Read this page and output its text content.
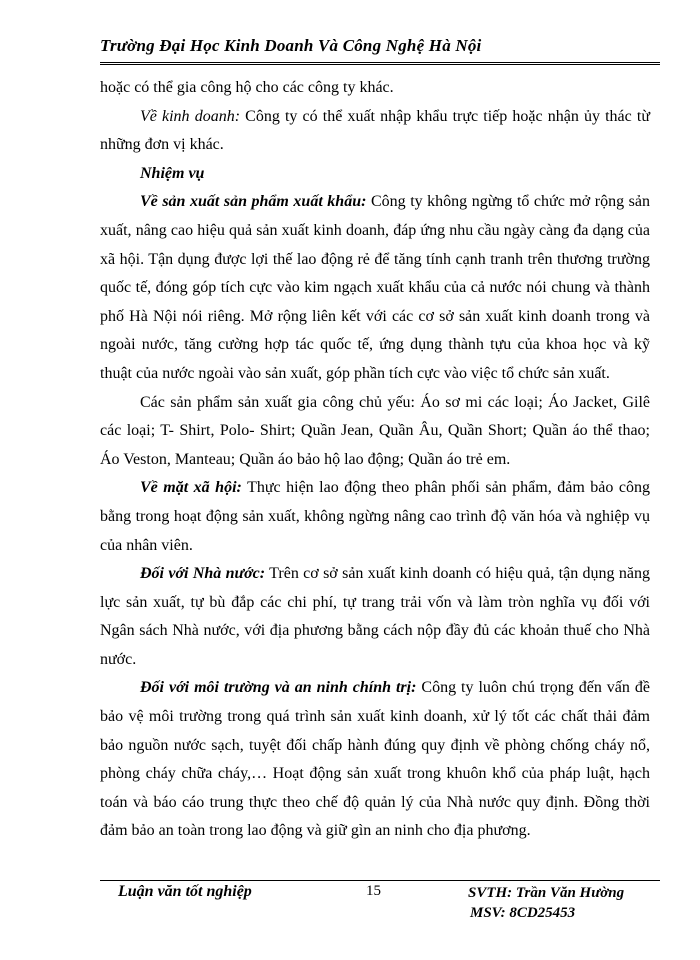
Trường Đại Học Kinh Doanh Và Công Nghệ Hà Nội

hoặc có thể gia công hộ cho các công ty khác.

Về kinh doanh: Công ty có thể xuất nhập khẩu trực tiếp hoặc nhận ủy thác từ những đơn vị khác.

Nhiệm vụ

Về sản xuất sản phẩm xuất khẩu: Công ty không ngừng tổ chức mở rộng sản xuất, nâng cao hiệu quả sản xuất kinh doanh, đáp ứng nhu cầu ngày càng đa dạng của xã hội. Tận dụng được lợi thế lao động rẻ để tăng tính cạnh tranh trên thương trường quốc tế, đóng góp tích cực vào kim ngạch xuất khẩu của cả nước nói chung và thành phố Hà Nội nói riêng. Mở rộng liên kết với các cơ sở sản xuất kinh doanh trong và ngoài nước, tăng cường hợp tác quốc tế, ứng dụng thành tựu của khoa học và kỹ thuật của nước ngoài vào sản xuất, góp phần tích cực vào việc tổ chức sản xuất.

Các sản phẩm sản xuất gia công chủ yếu: Áo sơ mi các loại; Áo Jacket, Gilê các loại; T- Shirt, Polo- Shirt; Quần Jean, Quần Âu, Quần Short; Quần áo thể thao; Áo Veston, Manteau; Quần áo bảo hộ lao động; Quần áo trẻ em.

Về mặt xã hội: Thực hiện lao động theo phân phối sản phẩm, đảm bảo công bằng trong hoạt động sản xuất, không ngừng nâng cao trình độ văn hóa và nghiệp vụ của nhân viên.

Đối với Nhà nước: Trên cơ sở sản xuất kinh doanh có hiệu quả, tận dụng năng lực sản xuất, tự bù đắp các chi phí, tự trang trải vốn và làm tròn nghĩa vụ đối với Ngân sách Nhà nước, với địa phương bằng cách nộp đầy đủ các khoản thuế cho Nhà nước.

Đối với môi trường và an ninh chính trị: Công ty luôn chú trọng đến vấn đề bảo vệ môi trường trong quá trình sản xuất kinh doanh, xử lý tốt các chất thải đảm bảo nguồn nước sạch, tuyệt đối chấp hành đúng quy định về phòng chống cháy nổ, phòng cháy chữa cháy,… Hoạt động sản xuất trong khuôn khổ của pháp luật, hạch toán và báo cáo trung thực theo chế độ quản lý của Nhà nước quy định. Đồng thời đảm bảo an toàn trong lao động và giữ gìn an ninh cho địa phương.

Luận văn tốt nghiệp	15	SVTH: Trần Văn Hường
MSV: 8CD25453
